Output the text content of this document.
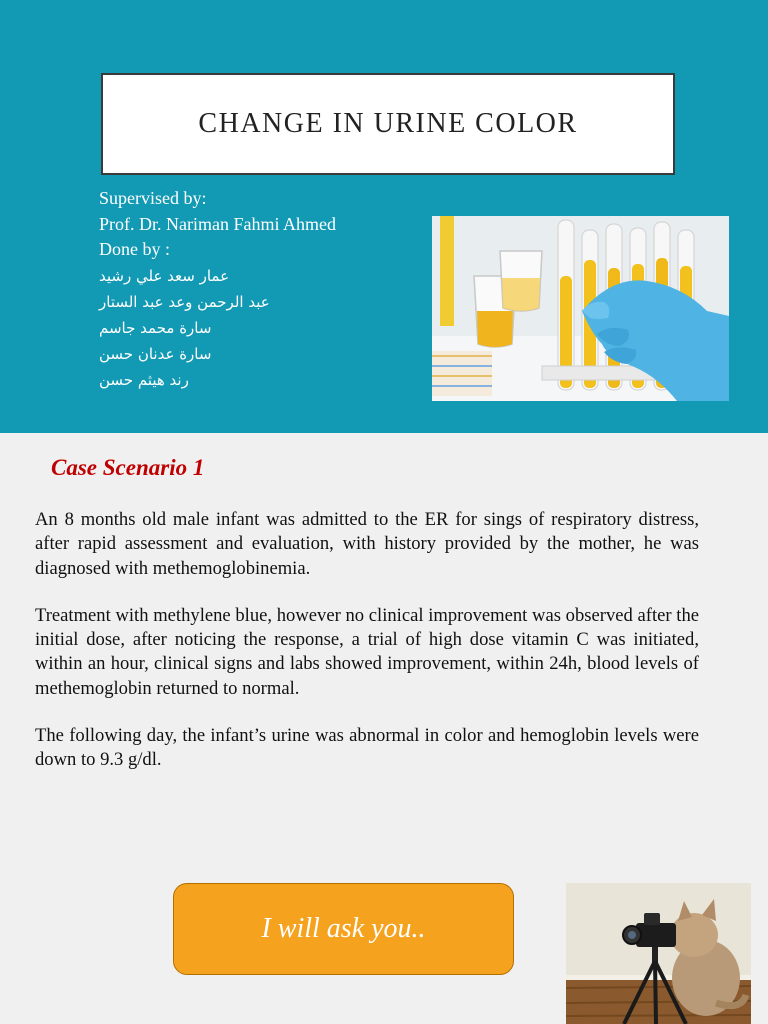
CHANGE IN URINE COLOR
Supervised by:
Prof. Dr. Nariman Fahmi Ahmed
Done by :
عمار سعد علي رشيد
عبد الرحمن وعد عبد الستار
سارة محمد جاسم
سارة عدنان حسن
رند هيثم حسن
Case Scenario 1

An 8 months old male infant was admitted to the ER for sings of respiratory distress, after rapid assessment and evaluation, with history provided by the mother, he was diagnosed with methemoglobinemia.

Treatment with methylene blue, however no clinical improvement was observed after the initial dose, after noticing the response, a trial of high dose vitamin C was initiated, within an hour, clinical signs and labs showed improvement, within 24h, blood levels of methemoglobin returned to normal.

The following day, the infant’s urine was abnormal in color and hemoglobin levels were down to 9.3 g/dl.

I will ask you..
